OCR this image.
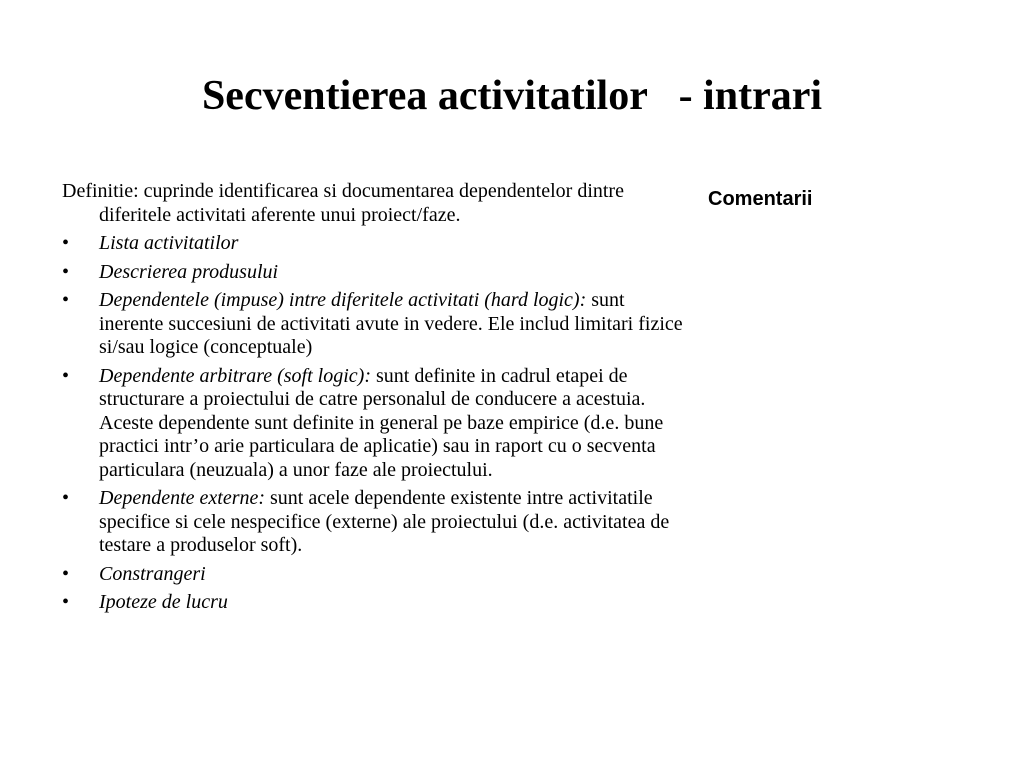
Secventierea activitatilor   - intrari

Definitie: cuprinde identificarea si documentarea dependentelor dintre diferitele activitati aferente unui proiect/faze.

• Lista activitatilor

• Descrierea produsului

• Dependentele (impuse) intre diferitele activitati (hard logic): sunt inerente succesiuni de activitati avute in vedere. Ele includ limitari fizice si/sau logice (conceptuale)

• Dependente arbitrare (soft logic): sunt definite in cadrul etapei de structurare a proiectului de catre personalul de conducere a acestuia. Aceste dependente sunt definite in general pe baze empirice (d.e. bune practici intr’o arie particulara de aplicatie) sau in raport cu o secventa particulara (neuzuala) a unor faze ale proiectului.

• Dependente externe: sunt acele dependente existente intre activitatile specifice si cele nespecifice (externe) ale proiectului (d.e. activitatea de testare a produselor soft).

• Constrangeri

• Ipoteze de lucru

Comentarii
